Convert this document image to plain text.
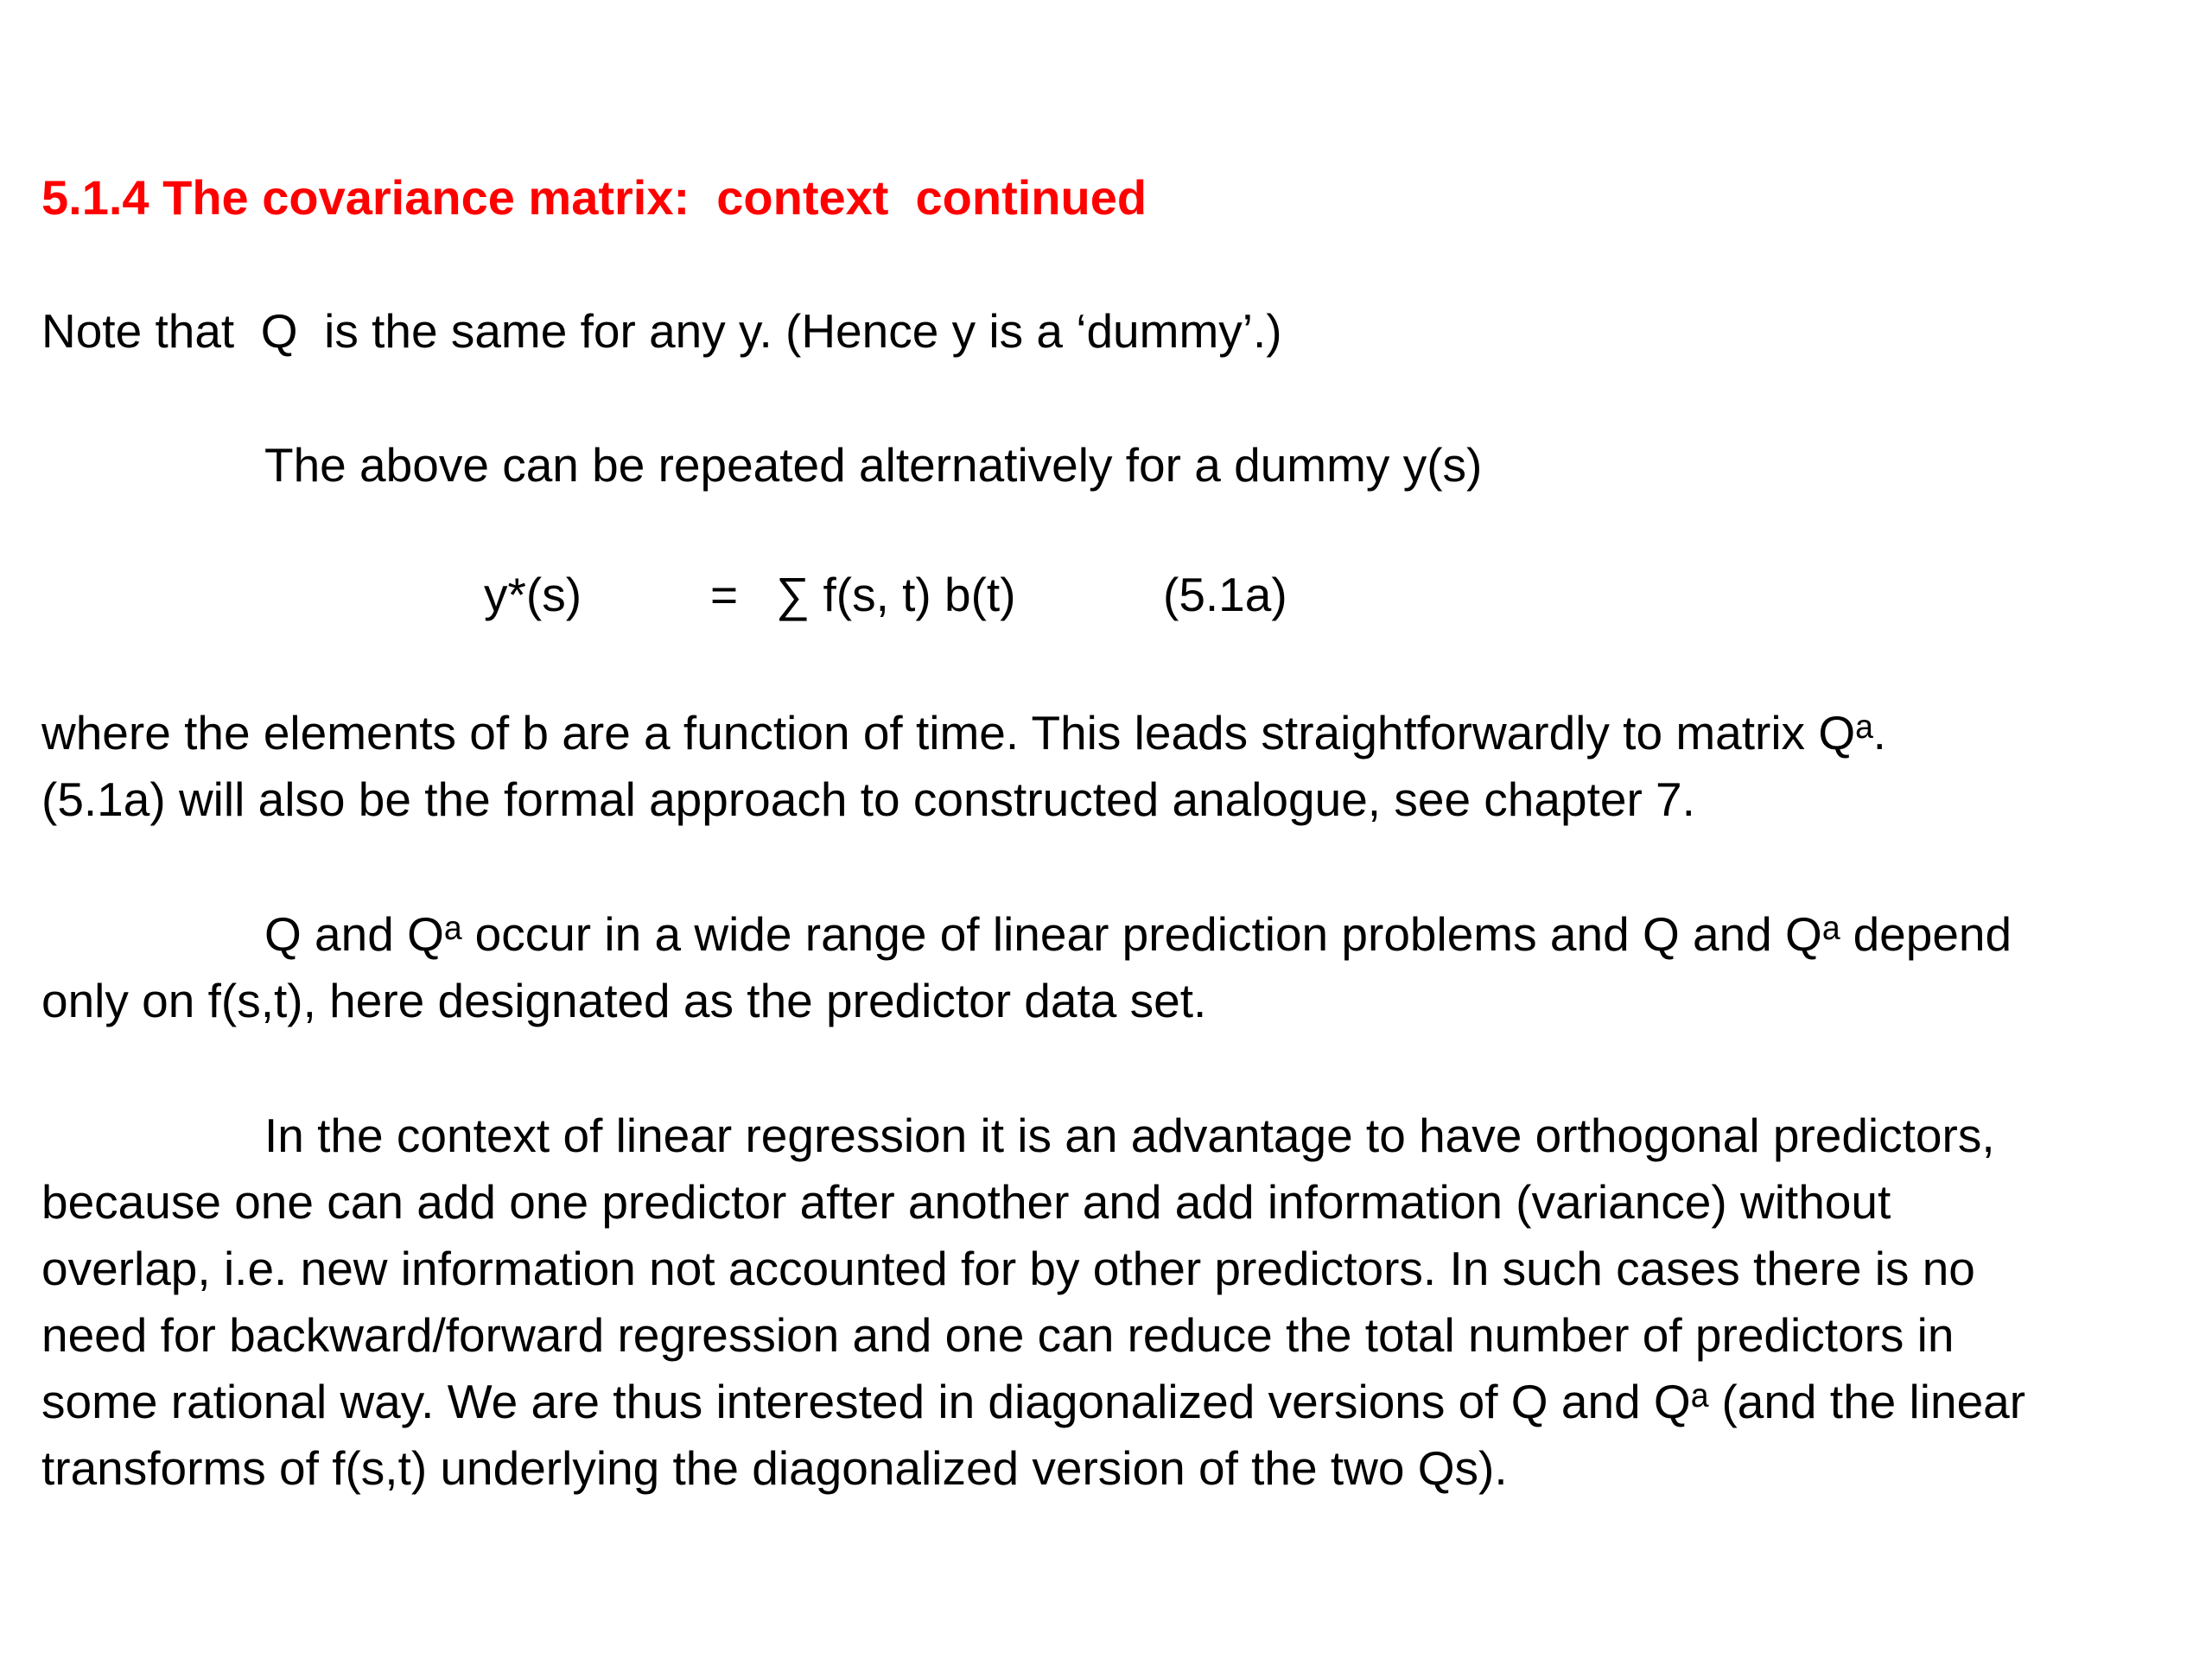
5.1.4 The covariance matrix:  context  continued
Note that  Q  is the same for any y. (Hence y is a ‘dummy’.)
The above can be repeated alternatively for a dummy y(s)
y*(s)	= ∑ f(s, t) b(t)	(5.1a)
where the elements of b are a function of time. This leads straightforwardly to matrix Qᵃ.
(5.1a) will also be the formal approach to constructed analogue, see chapter 7.
Q and Qᵃ occur in a wide range of linear prediction problems and Q and Qᵃ depend
only on f(s,t), here designated as the predictor data set.
In the context of linear regression it is an advantage to have orthogonal predictors,
because one can add one predictor after another and add information (variance) without
overlap, i.e. new information not accounted for by other predictors. In such cases there is no
need for backward/forward regression and one can reduce the total number of predictors in
some rational way. We are thus interested in diagonalized versions of Q and Qᵃ (and the linear
transforms of f(s,t) underlying the diagonalized version of the two Qs).
